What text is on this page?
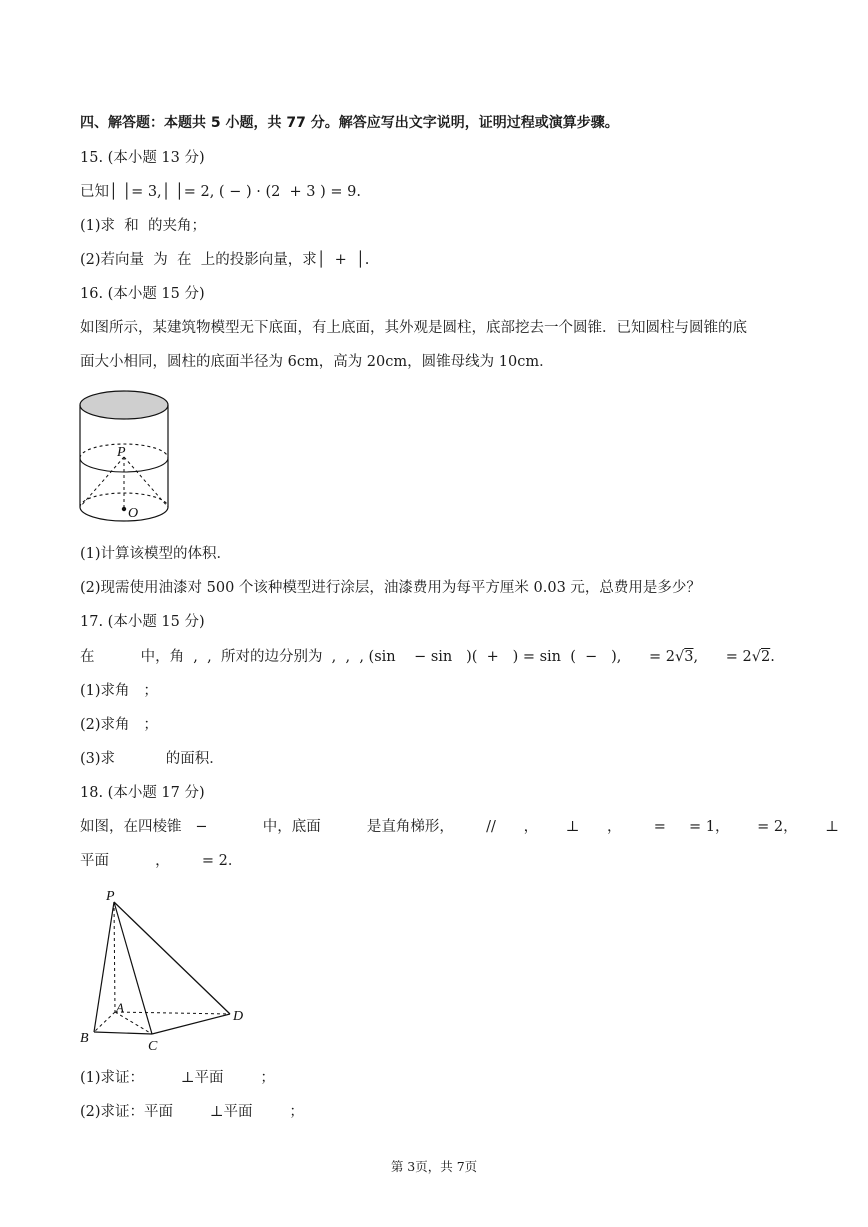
四、解答题：本题共 5 小题，共 77 分。解答应写出文字说明，证明过程或演算步骤。
15. (本小题 13 分)
已知│ │= 3,│ │= 2, ( − ) · (2  + 3 ) = 9.
(1)求  和  的夹角；
(2)若向量  为  在  上的投影向量，求│  +  │.
16. (本小题 15 分)
如图所示，某建筑物模型无下底面，有上底面，其外观是圆柱，底部挖去一个圆锥．已知圆柱与圆锥的底
面大小相同，圆柱的底面半径为 6cm，高为 20cm，圆锥母线为 10cm．
P
O
(1)计算该模型的体积．
(2)现需使用油漆对 500 个该种模型进行涂层，油漆费用为每平方厘米 0.03 元，总费用是多少？
17. (本小题 15 分)
在          中，角  ,  ,  所对的边分别为  ,  ,  , (sin    − sin   )(  +   ) = sin  (  −   ),      = 2√3,      = 2√2.
(1)求角   ；
(2)求角   ；
(3)求           的面积．
18. (本小题 17 分)
如图，在四棱锥   −            中，底面          是直角梯形，       //      ，      ⊥      ，       =     = 1，      = 2，      ⊥
平面          ，       = 2．
P
A
B
C
D
(1)求证：        ⊥平面        ；
(2)求证：平面        ⊥平面        ；
第 3页，共 7页
